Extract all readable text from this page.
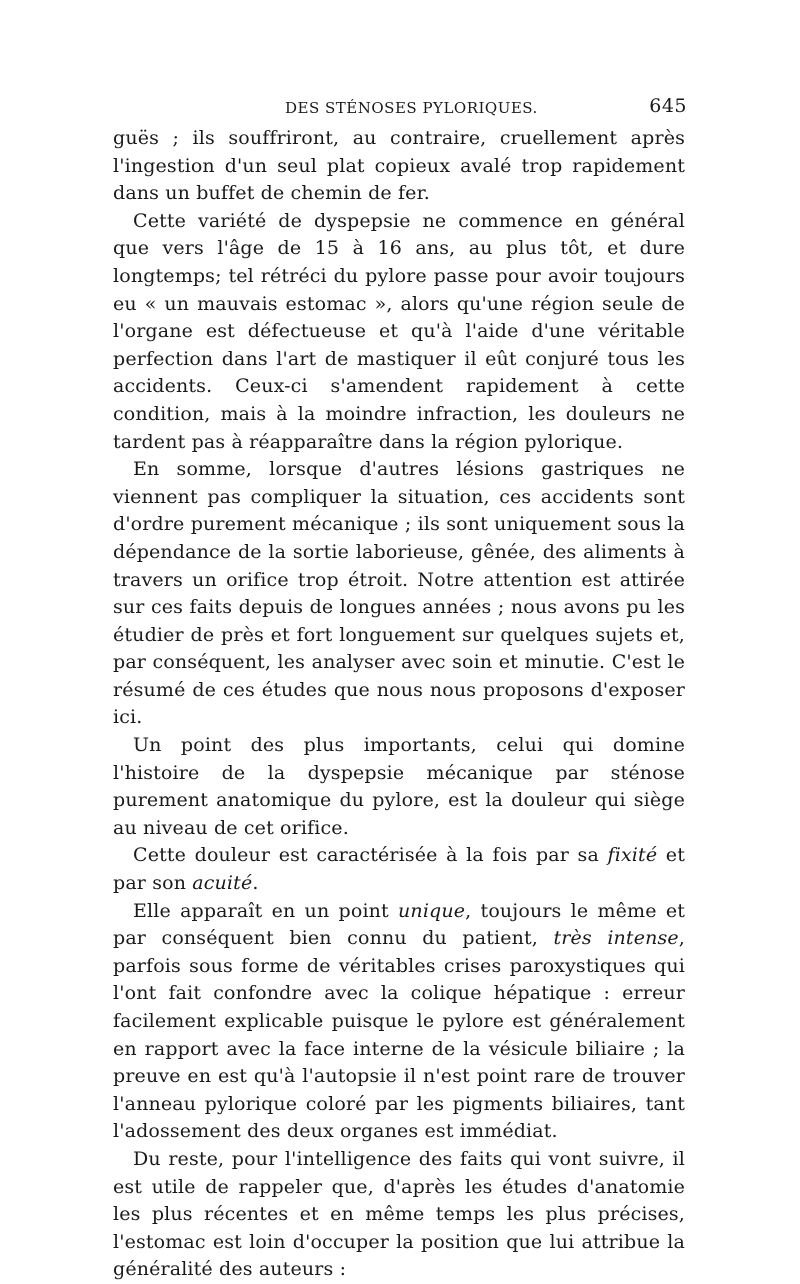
DES STÉNOSES PYLORIQUES.	645

guës ; ils souffriront, au contraire, cruellement après l'ingestion d'un seul plat copieux avalé trop rapidement dans un buffet de chemin de fer.

Cette variété de dyspepsie ne commence en général que vers l'âge de 15 à 16 ans, au plus tôt, et dure longtemps; tel rétréci du pylore passe pour avoir toujours eu « un mauvais estomac », alors qu'une région seule de l'organe est défectueuse et qu'à l'aide d'une véritable perfection dans l'art de mastiquer il eût conjuré tous les accidents. Ceux-ci s'amendent rapidement à cette condition, mais à la moindre infraction, les douleurs ne tardent pas à réapparaître dans la région pylorique.

En somme, lorsque d'autres lésions gastriques ne viennent pas compliquer la situation, ces accidents sont d'ordre purement mécanique ; ils sont uniquement sous la dépendance de la sortie laborieuse, gênée, des aliments à travers un orifice trop étroit. Notre attention est attirée sur ces faits depuis de longues années ; nous avons pu les étudier de près et fort longuement sur quelques sujets et, par conséquent, les analyser avec soin et minutie. C'est le résumé de ces études que nous nous proposons d'exposer ici.

Un point des plus importants, celui qui domine l'histoire de la dyspepsie mécanique par sténose purement anatomique du pylore, est la douleur qui siège au niveau de cet orifice.

Cette douleur est caractérisée à la fois par sa fixité et par son acuité.

Elle apparaît en un point unique, toujours le même et par conséquent bien connu du patient, très intense, parfois sous forme de véritables crises paroxystiques qui l'ont fait confondre avec la colique hépatique : erreur facilement explicable puisque le pylore est généralement en rapport avec la face interne de la vésicule biliaire ; la preuve en est qu'à l'autopsie il n'est point rare de trouver l'anneau pylorique coloré par les pigments biliaires, tant l'adossement des deux organes est immédiat.

Du reste, pour l'intelligence des faits qui vont suivre, il est utile de rappeler que, d'après les études d'anatomie les plus récentes et en même temps les plus précises, l'estomac est loin d'occuper la position que lui attribue la généralité des auteurs :
